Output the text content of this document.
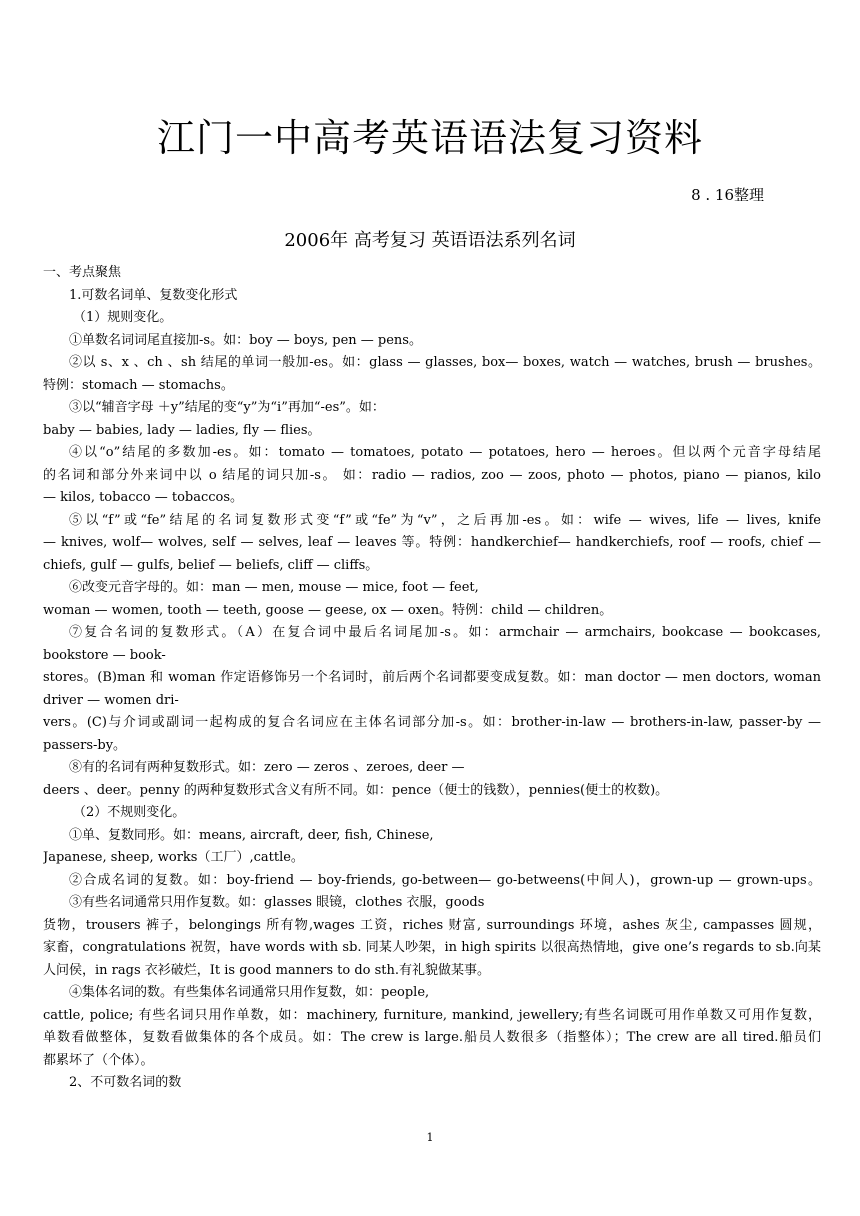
江门一中高考英语语法复习资料
8 . 16整理
2006年 高考复习 英语语法系列名词
一、考点聚焦
1.可数名词单、复数变化形式
（1）规则变化。
①单数名词词尾直接加-s。如：boy — boys, pen — pens。
②以 s、x 、ch 、sh 结尾的单词一般加-es。如：glass — glasses, box— boxes, watch — watches, brush — brushes。
特例：stomach — stomachs。
③以“辅音字母 ＋y”结尾的变“y”为“i”再加“-es”。如：
baby — babies, lady — ladies, fly — flies。
④以“o”结尾的多数加-es。如：tomato — tomatoes, potato — potatoes, hero — heroes。但以两个元音字母结尾
的名词和部分外来词中以 o 结尾的词只加-s。 如：radio — radios, zoo — zoos, photo — photos, piano — pianos, kilo
— kilos, tobacco — tobaccos。
⑤以“f”或“fe”结尾的名词复数形式变“f”或“fe”为“v”，之后再加-es。如：wife — wives, life — lives, knife
— knives, wolf— wolves, self — selves, leaf — leaves 等。特例：handkerchief— handkerchiefs, roof — roofs, chief —
chiefs, gulf — gulfs, belief — beliefs, cliff — cliffs。
⑥改变元音字母的。如：man — men, mouse — mice, foot — feet,
woman — women, tooth — teeth, goose — geese, ox — oxen。特例：child — children。
⑦复合名词的复数形式。（A）在复合词中最后名词尾加-s。如：armchair — armchairs, bookcase — bookcases,
bookstore — book-
stores。(B)man 和 woman 作定语修饰另一个名词时，前后两个名词都要变成复数。如：man doctor — men doctors, woman
driver — women dri-
vers。(C)与介词或副词一起构成的复合名词应在主体名词部分加-s。如：brother-in-law — brothers-in-law, passer-by —
passers-by。
⑧有的名词有两种复数形式。如：zero — zeros 、zeroes, deer —
deers 、deer。penny 的两种复数形式含义有所不同。如：pence（便士的钱数），pennies(便士的枚数)。
（2）不规则变化。
①单、复数同形。如：means, aircraft, deer, fish, Chinese,
Japanese, sheep, works（工厂）,cattle。
②合成名词的复数。如：boy-friend — boy-friends, go-between— go-betweens(中间人)，grown-up — grown-ups。
③有些名词通常只用作复数。如：glasses 眼镜，clothes 衣服，goods
货物，trousers 裤子，belongings 所有物,wages 工资，riches 财富, surroundings 环境，ashes 灰尘, campasses 圆规，
家畜，congratulations 祝贺，have words with sb. 同某人吵架，in high spirits 以很高热情地，give one’s regards to sb.向某
人问侯，in rags 衣衫破烂，It is good manners to do sth.有礼貌做某事。
④集体名词的数。有些集体名词通常只用作复数，如：people,
cattle, police; 有些名词只用作单数，如：machinery, furniture, mankind, jewellery;有些名词既可用作单数又可用作复数，
单数看做整体，复数看做集体的各个成员。如：The crew is large.船员人数很多（指整体）；The crew are all tired.船员们
都累坏了（个体）。
2、不可数名词的数
1
